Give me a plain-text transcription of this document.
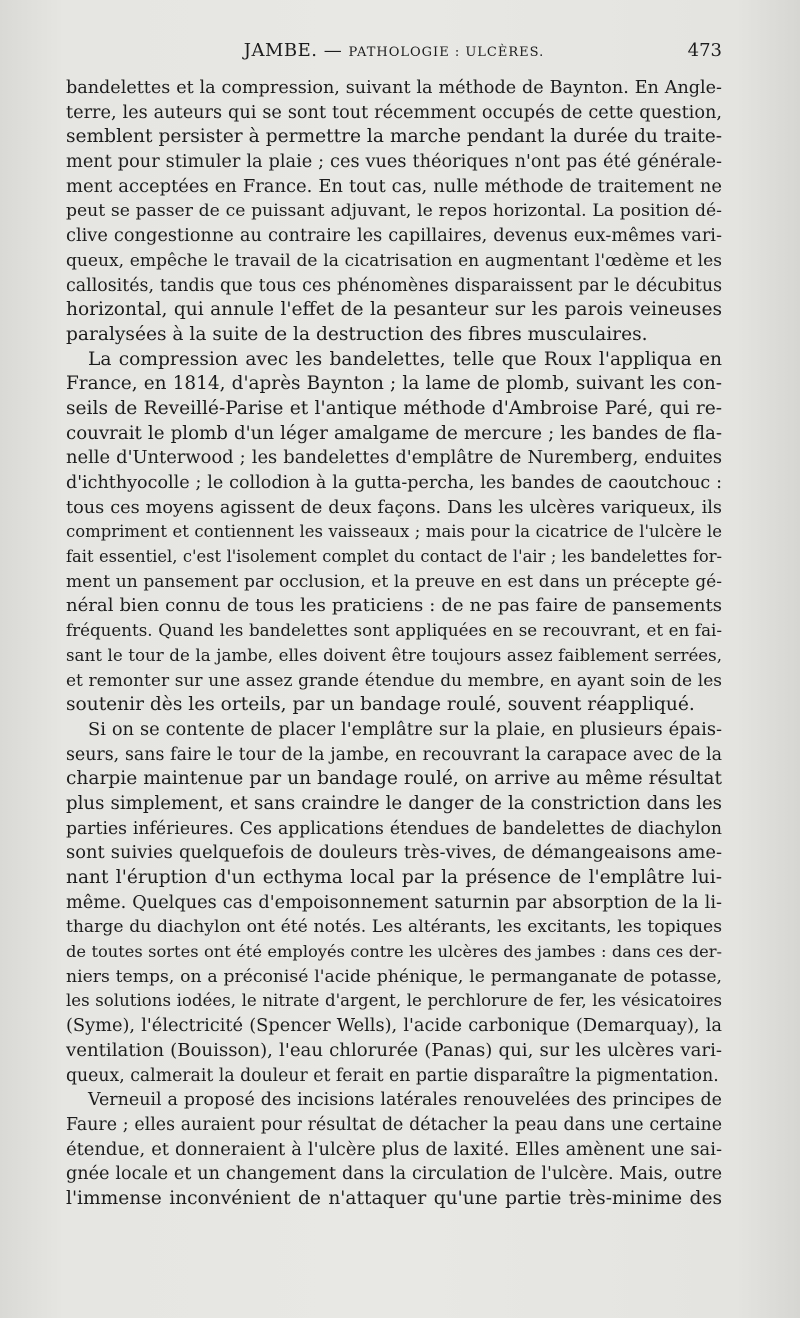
JAMBE. — PATHOLOGIE : ULCÈRES.	473
bandelettes et la compression, suivant la méthode de Baynton. En Angle-
terre, les auteurs qui se sont tout récemment occupés de cette question,
semblent persister à permettre la marche pendant la durée du traite-
ment pour stimuler la plaie ; ces vues théoriques n'ont pas été générale-
ment acceptées en France. En tout cas, nulle méthode de traitement ne
peut se passer de ce puissant adjuvant, le repos horizontal. La position dé-
clive congestionne au contraire les capillaires, devenus eux-mêmes vari-
queux, empêche le travail de la cicatrisation en augmentant l'œdème et les
callosités, tandis que tous ces phénomènes disparaissent par le décubitus
horizontal, qui annule l'effet de la pesanteur sur les parois veineuses
paralysées à la suite de la destruction des fibres musculaires.
La compression avec les bandelettes, telle que Roux l'appliqua en
France, en 1814, d'après Baynton ; la lame de plomb, suivant les con-
seils de Reveillé-Parise et l'antique méthode d'Ambroise Paré, qui re-
couvrait le plomb d'un léger amalgame de mercure ; les bandes de fla-
nelle d'Unterwood ; les bandelettes d'emplâtre de Nuremberg, enduites
d'ichthyocolle ; le collodion à la gutta-percha, les bandes de caoutchouc :
tous ces moyens agissent de deux façons. Dans les ulcères variqueux, ils
compriment et contiennent les vaisseaux ; mais pour la cicatrice de l'ulcère le
fait essentiel, c'est l'isolement complet du contact de l'air ; les bandelettes for-
ment un pansement par occlusion, et la preuve en est dans un précepte gé-
néral bien connu de tous les praticiens : de ne pas faire de pansements
fréquents. Quand les bandelettes sont appliquées en se recouvrant, et en fai-
sant le tour de la jambe, elles doivent être toujours assez faiblement serrées,
et remonter sur une assez grande étendue du membre, en ayant soin de les
soutenir dès les orteils, par un bandage roulé, souvent réappliqué.
Si on se contente de placer l'emplâtre sur la plaie, en plusieurs épais-
seurs, sans faire le tour de la jambe, en recouvrant la carapace avec de la
charpie maintenue par un bandage roulé, on arrive au même résultat
plus simplement, et sans craindre le danger de la constriction dans les
parties inférieures. Ces applications étendues de bandelettes de diachylon
sont suivies quelquefois de douleurs très-vives, de démangeaisons ame-
nant l'éruption d'un ecthyma local par la présence de l'emplâtre lui-
même. Quelques cas d'empoisonnement saturnin par absorption de la li-
tharge du diachylon ont été notés. Les altérants, les excitants, les topiques
de toutes sortes ont été employés contre les ulcères des jambes : dans ces der-
niers temps, on a préconisé l'acide phénique, le permanganate de potasse,
les solutions iodées, le nitrate d'argent, le perchlorure de fer, les vésicatoires
(Syme), l'électricité (Spencer Wells), l'acide carbonique (Demarquay), la
ventilation (Bouisson), l'eau chlorurée (Panas) qui, sur les ulcères vari-
queux, calmerait la douleur et ferait en partie disparaître la pigmentation.
Verneuil a proposé des incisions latérales renouvelées des principes de
Faure ; elles auraient pour résultat de détacher la peau dans une certaine
étendue, et donneraient à l'ulcère plus de laxité. Elles amènent une sai-
gnée locale et un changement dans la circulation de l'ulcère. Mais, outre
l'immense inconvénient de n'attaquer qu'une partie très-minime des
